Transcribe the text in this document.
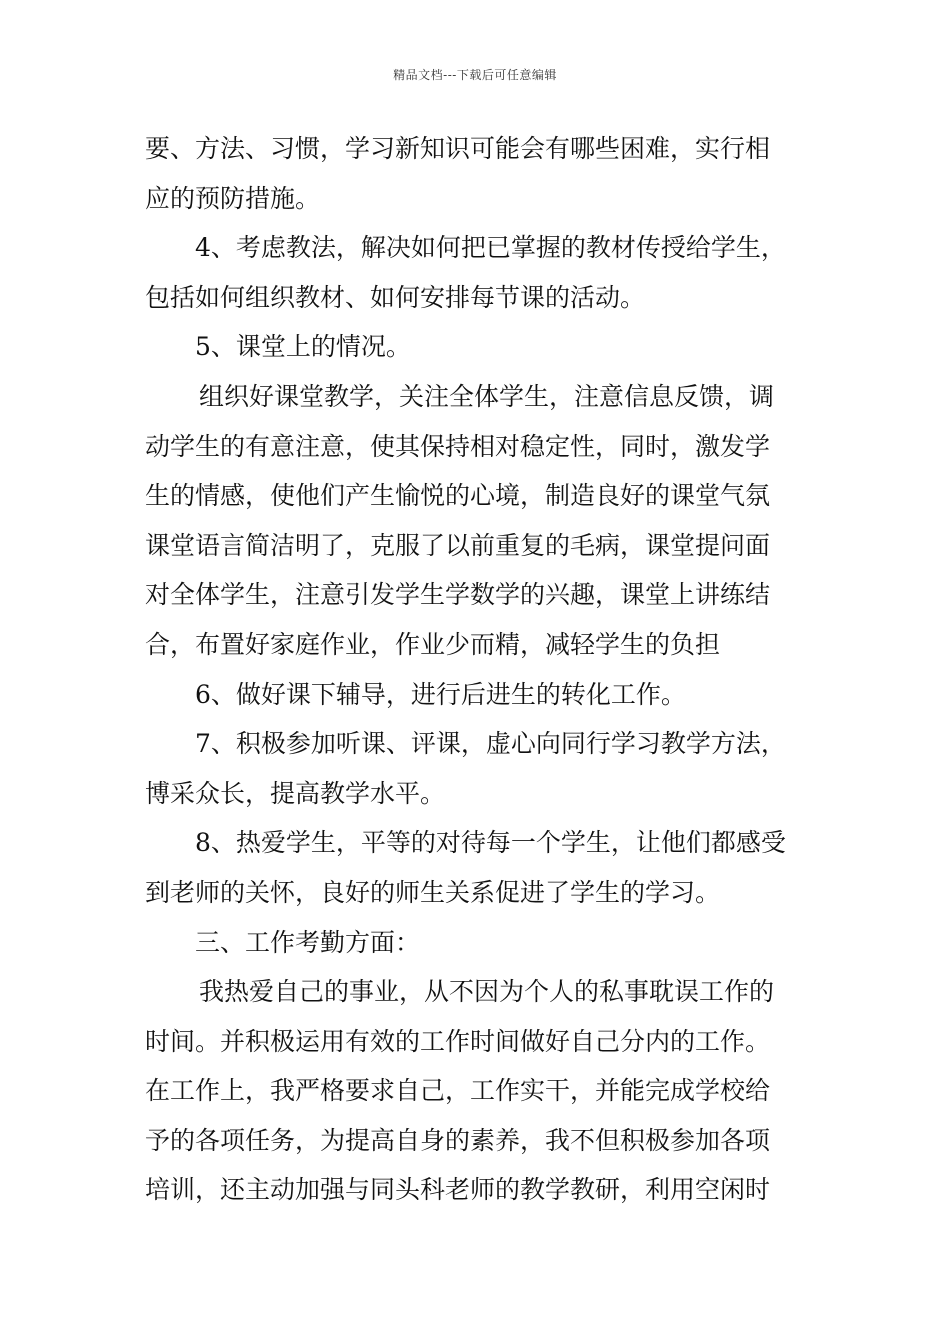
精品文档---下载后可任意编辑
要、方法、习惯，学习新知识可能会有哪些困难，实行相
应的预防措施。
4、考虑教法，解决如何把已掌握的教材传授给学生，
包括如何组织教材、如何安排每节课的活动。
5、课堂上的情况。
组织好课堂教学，关注全体学生，注意信息反馈，调
动学生的有意注意，使其保持相对稳定性，同时，激发学
生的情感，使他们产生愉悦的心境，制造良好的课堂气氛
课堂语言简洁明了，克服了以前重复的毛病，课堂提问面
对全体学生，注意引发学生学数学的兴趣，课堂上讲练结
合，布置好家庭作业，作业少而精，减轻学生的负担
6、做好课下辅导，进行后进生的转化工作。
7、积极参加听课、评课，虚心向同行学习教学方法，
博采众长，提高教学水平。
8、热爱学生，平等的对待每一个学生，让他们都感受
到老师的关怀，良好的师生关系促进了学生的学习。
三、工作考勤方面：
我热爱自己的事业，从不因为个人的私事耽误工作的
时间。并积极运用有效的工作时间做好自己分内的工作。
在工作上，我严格要求自己，工作实干，并能完成学校给
予的各项任务，为提高自身的素养，我不但积极参加各项
培训，还主动加强与同头科老师的教学教研，利用空闲时
